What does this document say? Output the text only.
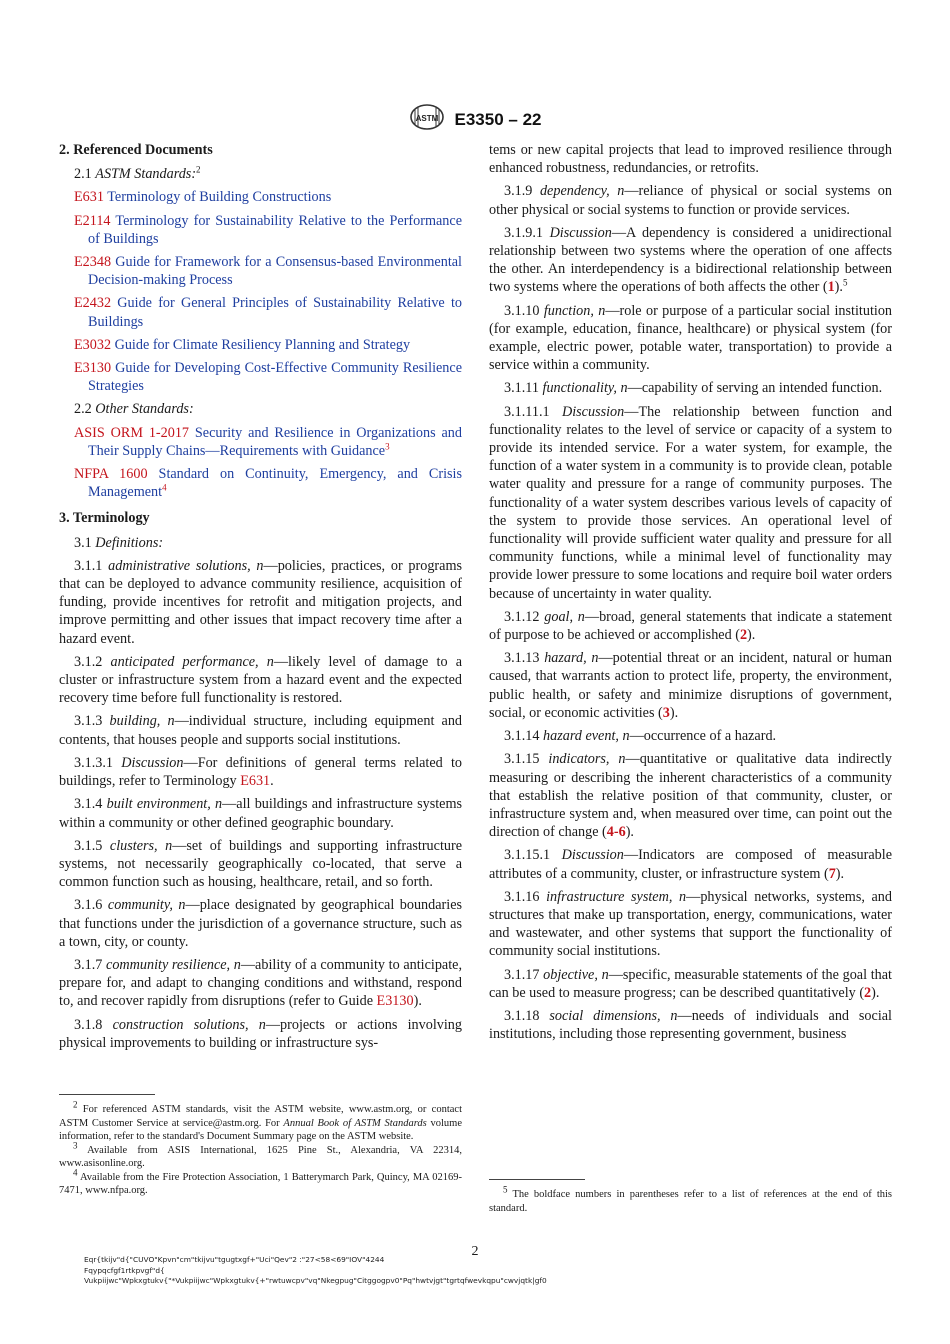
ASTM E3350 – 22
2. Referenced Documents

2.1 ASTM Standards:$^2$

E631 Terminology of Building Constructions

E2114 Terminology for Sustainability Relative to the Performance of Buildings

E2348 Guide for Framework for a Consensus-based Environmental Decision-making Process

E2432 Guide for General Principles of Sustainability Relative to Buildings

E3032 Guide for Climate Resiliency Planning and Strategy

E3130 Guide for Developing Cost-Effective Community Resilience Strategies

2.2 Other Standards:

ASIS ORM 1-2017 Security and Resilience in Organizations and Their Supply Chains—Requirements with Guidance$^3$

NFPA 1600 Standard on Continuity, Emergency, and Crisis Management$^4$

3. Terminology

3.1 Definitions:

3.1.1 administrative solutions, n—policies, practices, or programs that can be deployed to advance community resilience, acquisition of funding, provide incentives for retrofit and mitigation projects, and improve permitting and other issues that impact recovery time after a hazard event.

3.1.2 anticipated performance, n—likely level of damage to a cluster or infrastructure system from a hazard event and the expected recovery time before full functionality is restored.

3.1.3 building, n—individual structure, including equipment and contents, that houses people and supports social institutions.

3.1.3.1 Discussion—For definitions of general terms related to buildings, refer to Terminology E631.

3.1.4 built environment, n—all buildings and infrastructure systems within a community or other defined geographic boundary.

3.1.5 clusters, n—set of buildings and supporting infrastructure systems, not necessarily geographically co-located, that serve a common function such as housing, healthcare, retail, and so forth.

3.1.6 community, n—place designated by geographical boundaries that functions under the jurisdiction of a governance structure, such as a town, city, or county.

3.1.7 community resilience, n—ability of a community to anticipate, prepare for, and adapt to changing conditions and withstand, respond to, and recover rapidly from disruptions (refer to Guide E3130).

3.1.8 construction solutions, n—projects or actions involving physical improvements to building or infrastructure sys-

tems or new capital projects that lead to improved resilience through enhanced robustness, redundancies, or retrofits.

3.1.9 dependency, n—reliance of physical or social systems on other physical or social systems to function or provide services.

3.1.9.1 Discussion—A dependency is considered a unidirectional relationship between two systems where the operation of one affects the other. An interdependency is a bidirectional relationship between two systems where the operations of both affects the other (1).$^5$

3.1.10 function, n—role or purpose of a particular social institution (for example, education, finance, healthcare) or physical system (for example, electric power, potable water, transportation) to provide a service within a community.

3.1.11 functionality, n—capability of serving an intended function.

3.1.11.1 Discussion—The relationship between function and functionality relates to the level of service or capacity of a system to provide its intended service. For a water system, for example, the function of a water system in a community is to provide clean, potable water quality and pressure for a range of community purposes. The functionality of a water system describes various levels of capacity of the system to provide those services. An operational level of functionality will provide sufficient water quality and pressure for all community functions, while a minimal level of functionality may provide lower pressure to some locations and require boil water orders because of uncertainty in water quality.

3.1.12 goal, n—broad, general statements that indicate a statement of purpose to be achieved or accomplished (2).

3.1.13 hazard, n—potential threat or an incident, natural or human caused, that warrants action to protect life, property, the environment, public health, or safety and minimize disruptions of government, social, or economic activities (3).

3.1.14 hazard event, n—occurrence of a hazard.

3.1.15 indicators, n—quantitative or qualitative data indirectly measuring or describing the inherent characteristics of a community that establish the relative position of that community, cluster, or infrastructure system and, when measured over time, can point out the direction of change (4-6).

3.1.15.1 Discussion—Indicators are composed of measurable attributes of a community, cluster, or infrastructure system (7).

3.1.16 infrastructure system, n—physical networks, systems, and structures that make up transportation, energy, communications, water and wastewater, and other systems that support the functionality of community social institutions.

3.1.17 objective, n—specific, measurable statements of the goal that can be used to measure progress; can be described quantitatively (2).

3.1.18 social dimensions, n—needs of individuals and social institutions, including those representing government, business

$^2$ For referenced ASTM standards, visit the ASTM website, www.astm.org, or contact ASTM Customer Service at service@astm.org. For Annual Book of ASTM Standards volume information, refer to the standard's Document Summary page on the ASTM website.

$^3$ Available from ASIS International, 1625 Pine St., Alexandria, VA 22314, www.asisonline.org.

$^4$ Available from the Fire Protection Association, 1 Batterymarch Park, Quincy, MA 02169-7471, www.nfpa.org.	$^5$ The boldface numbers in parentheses refer to a list of references at the end of this standard.

2
Eqr{tkijv"d{"CUVO"Kpvn"cm"tkijvu"tgugtxgf+"Uci"Qev"2 :"27<58<69"IOV"4244
Fqypqcfgf1rtkpvgf"d{
Vukpiijwc"Wpkxgtukv{"*Vukpiijwc"Wpkxgtukv{+"rwtuwcpv"vq"Nkegpug"Citggogpv0"Pq"hwtvjgt"tgrtqfwevkqpu"cwvjqtk|gf0
